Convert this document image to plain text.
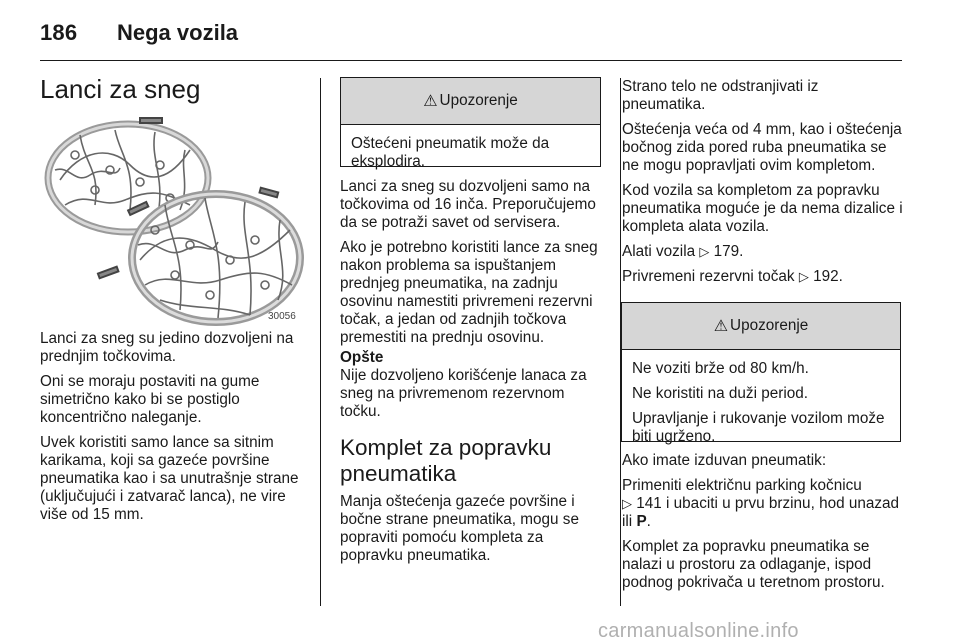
186 Nega vozila
Lanci za sneg
30056

Lanci za sneg su jedino dozvoljeni na prednjim točkovima.

Oni se moraju postaviti na gume simetrično kako bi se postiglo koncentrično naleganje.

Uvek koristiti samo lance sa sitnim karikama, koji sa gazeće površine pneumatika kao i sa unutrašnje strane (uključujući i zatvarač lanca), ne vire više od 15 mm.

⚠ Upozorenje

Oštećeni pneumatik može da eksplodira.

Lanci za sneg su dozvoljeni samo na točkovima od 16 inča. Preporučujemo da se potraži savet od servisera.

Ako je potrebno koristiti lance za sneg nakon problema sa ispuštanjem prednjeg pneumatika, na zadnju osovinu namestiti privremeni rezervni točak, a jedan od zadnjih točkova premestiti na prednju osovinu.

Opšte

Nije dozvoljeno korišćenje lanaca za sneg na privremenom rezervnom točku.

Komplet za popravku pneumatika

Manja oštećenja gazeće površine i bočne strane pneumatika, mogu se popraviti pomoću kompleta za popravku pneumatika.

Strano telo ne odstranjivati iz pneumatika.

Oštećenja veća od 4 mm, kao i oštećenja bočnog zida pored ruba pneumatika se ne mogu popravljati ovim kompletom.

Kod vozila sa kompletom za popravku pneumatika moguće je da nema dizalice i kompleta alata vozila.

Alati vozila ▷ 179.

Privremeni rezervni točak ▷ 192.

⚠ Upozorenje

Ne voziti brže od 80 km/h.

Ne koristiti na duži period.

Upravljanje i rukovanje vozilom može biti ugrženo.

Ako imate izduvan pneumatik:

Primeniti električnu parking kočnicu
▷ 141 i ubaciti u prvu brzinu, hod unazad ili P.

Komplet za popravku pneumatika se nalazi u prostoru za odlaganje, ispod podnog pokrivača u teretnom prostoru.

carmanualsonline.info
